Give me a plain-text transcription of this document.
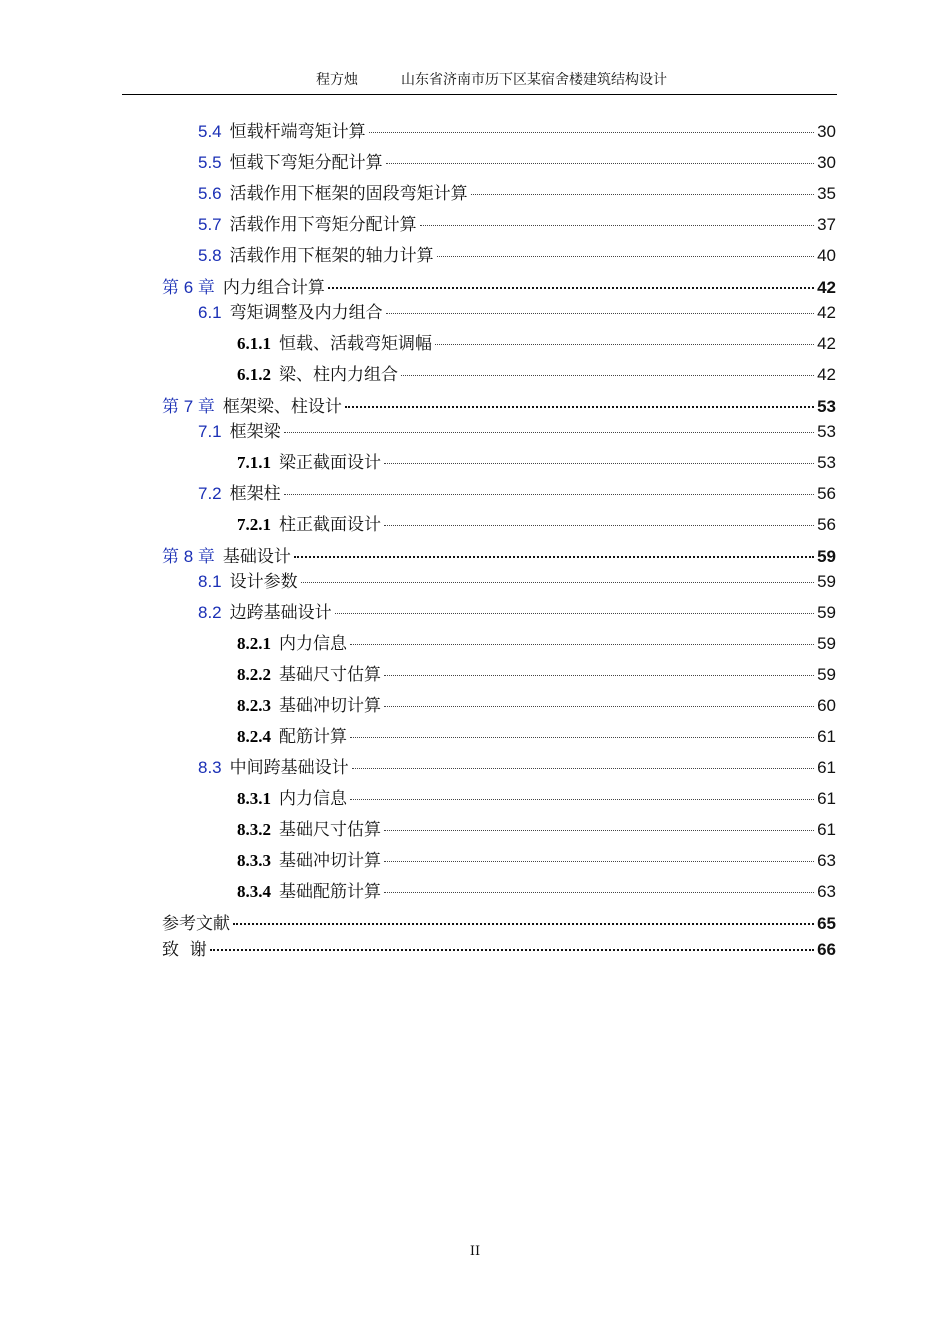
程方烛	山东省济南市历下区某宿舍楼建筑结构设计
5.4 恒载杆端弯矩计算	30
5.5 恒载下弯矩分配计算	30
5.6 活载作用下框架的固段弯矩计算	35
5.7 活载作用下弯矩分配计算	37
5.8 活载作用下框架的轴力计算	40
第 6 章 内力组合计算	42
6.1 弯矩调整及内力组合	42
6.1.1 恒载、活载弯矩调幅	42
6.1.2 梁、柱内力组合	42
第 7 章 框架梁、柱设计	53
7.1 框架梁	53
7.1.1 梁正截面设计	53
7.2 框架柱	56
7.2.1 柱正截面设计	56
第 8 章 基础设计	59
8.1 设计参数	59
8.2 边跨基础设计	59
8.2.1 内力信息	59
8.2.2 基础尺寸估算	59
8.2.3 基础冲切计算	60
8.2.4 配筋计算	61
8.3 中间跨基础设计	61
8.3.1 内力信息	61
8.3.2 基础尺寸估算	61
8.3.3 基础冲切计算	63
8.3.4 基础配筋计算	63
参考文献	65
致  谢	66
II
